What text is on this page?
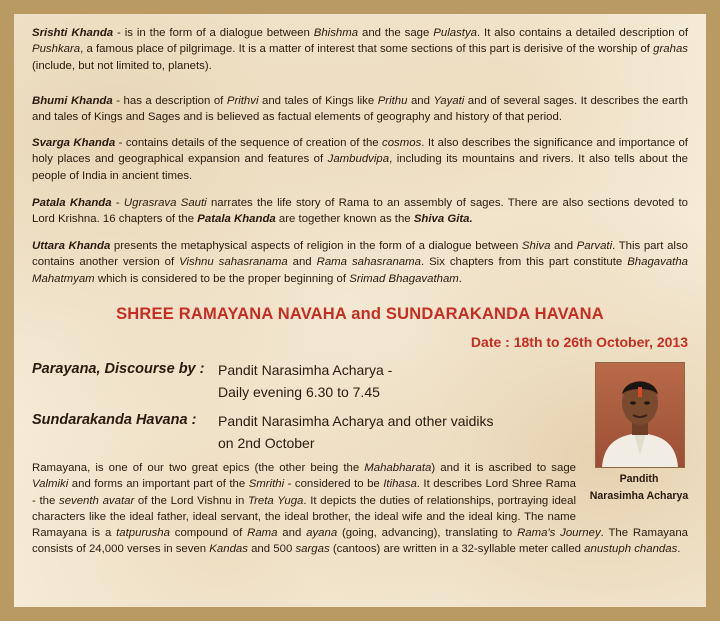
Srishti Khanda - is in the form of a dialogue between Bhishma and the sage Pulastya. It also contains a detailed description of Pushkara, a famous place of pilgrimage. It is a matter of interest that some sections of this part is derisive of the worship of grahas (include, but not limited to, planets).

Bhumi Khanda - has a description of Prithvi and tales of Kings like Prithu and Yayati and of several sages. It describes the earth and tales of Kings and Sages and is believed as factual elements of geography and history of that period.

Svarga Khanda - contains details of the sequence of creation of the cosmos. It also describes the significance and importance of holy places and geographical expansion and features of Jambudvipa, including its mountains and rivers. It also tells about the people of India in ancient times.

Patala Khanda - Ugrasrava Sauti narrates the life story of Rama to an assembly of sages. There are also sections devoted to Lord Krishna. 16 chapters of the Patala Khanda are together known as the Shiva Gita.

Uttara Khanda presents the metaphysical aspects of religion in the form of a dialogue between Shiva and Parvati. This part also contains another version of Vishnu sahasranama and Rama sahasranama. Six chapters from this part constitute Bhagavatha Mahatmyam which is considered to be the proper beginning of Srimad Bhagavatham.

SHREE RAMAYANA NAVAHA and SUNDARAKANDA HAVANA

Date : 18th to 26th October, 2013

Parayana, Discourse by : Pandit Narasimha Acharya -
Daily evening 6.30 to 7.45

Sundarakanda Havana : Pandit Narasimha Acharya and other vaidiks
on 2nd October

Pandith

Narasimha Acharya

Ramayana, is one of our two great epics (the other being the Mahabharata) and it is ascribed to sage Valmiki and forms an important part of the Smrithi - considered to be Itihasa. It describes Lord Shree Rama - the seventh avatar of the Lord Vishnu in Treta Yuga. It depicts the duties of relationships, portraying ideal characters like the ideal father, ideal servant, the ideal brother, the ideal wife and the ideal king. The name Ramayana is a tatpurusha compound of Rama and ayana (going, advancing), translating to Rama's Journey. The Ramayana consists of 24,000 verses in seven Kandas and 500 sargas (cantoos) are written in a 32-syllable meter called anustuph chandas.
